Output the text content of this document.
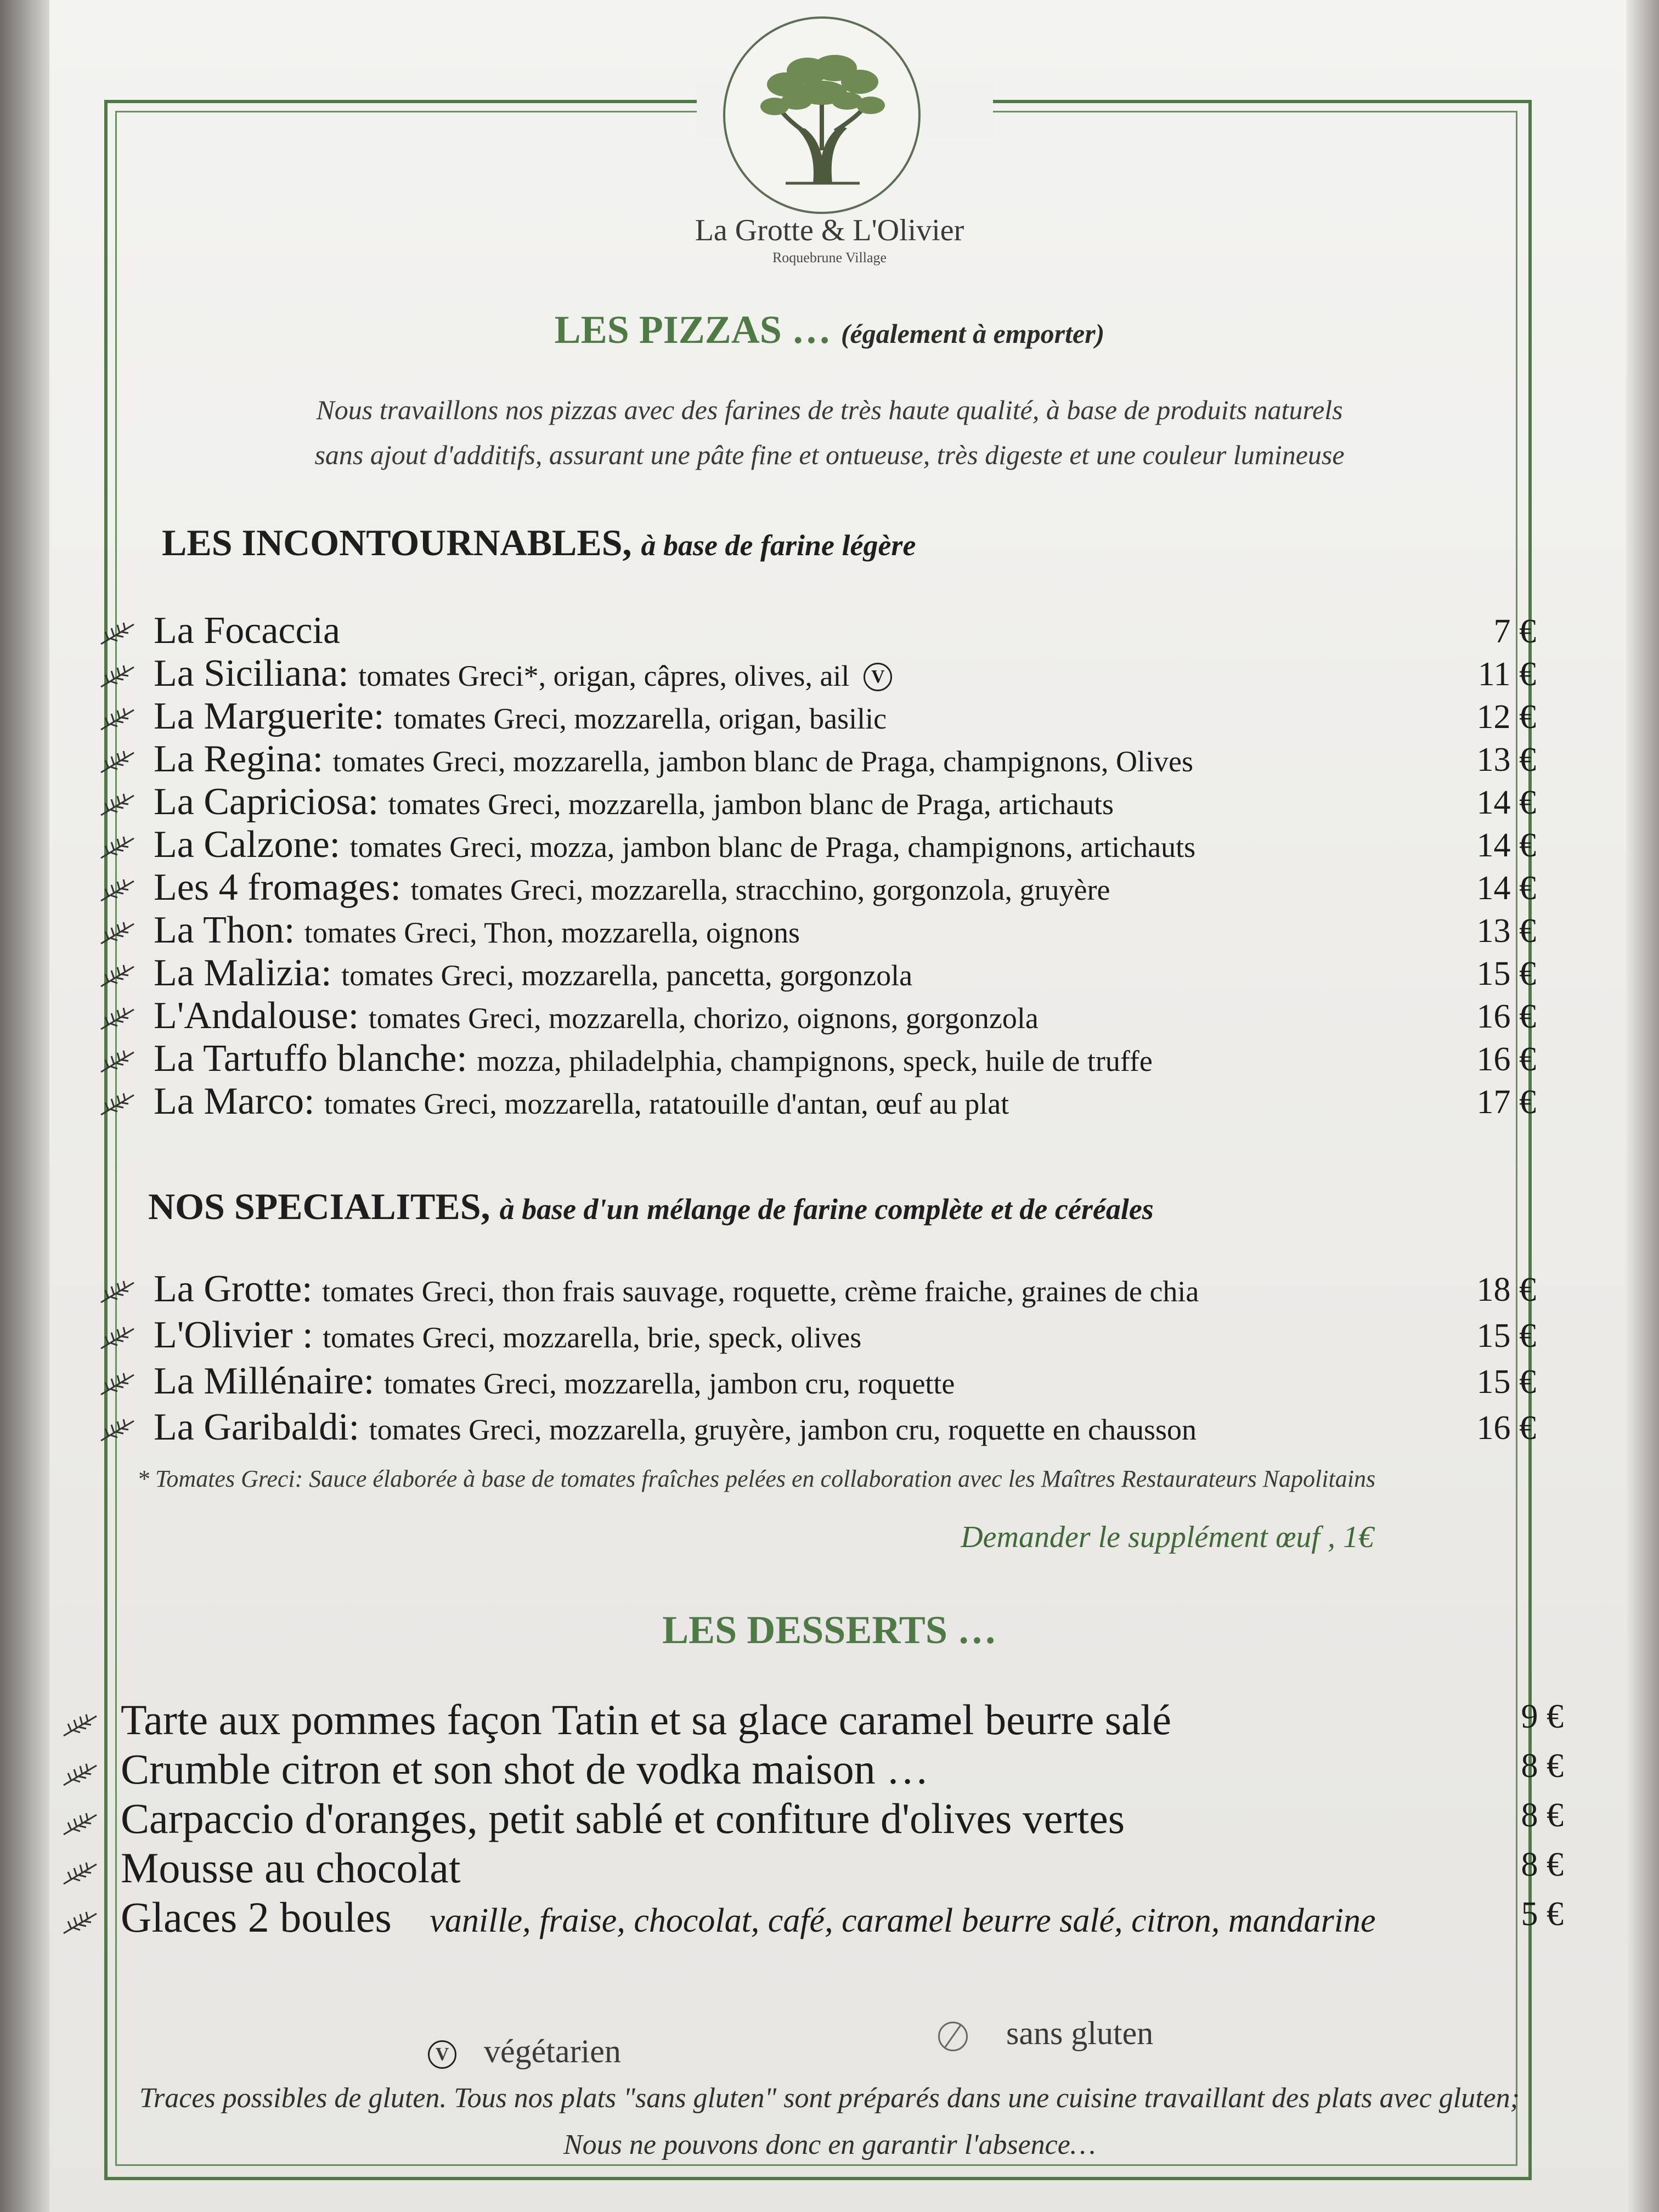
La Grotte & L'Olivier
Roquebrune Village
LES PIZZAS … (également à emporter)
Nous travaillons nos pizzas avec des farines de très haute qualité, à base de produits naturels
sans ajout d'additifs, assurant une pâte fine et ontueuse, très digeste et une couleur lumineuse
LES INCONTOURNABLES, à base de farine légère
La Focaccia	7 €
La Siciliana: tomates Greci*, origan, câpres, olives, ail V	11 €
La Marguerite: tomates Greci, mozzarella, origan, basilic	12 €
La Regina: tomates Greci, mozzarella, jambon blanc de Praga, champignons, Olives	13 €
La Capriciosa: tomates Greci, mozzarella, jambon blanc de Praga, artichauts	14 €
La Calzone: tomates Greci, mozza, jambon blanc de Praga, champignons, artichauts	14 €
Les 4 fromages: tomates Greci, mozzarella, stracchino, gorgonzola, gruyère	14 €
La Thon: tomates Greci, Thon, mozzarella, oignons	13 €
La Malizia: tomates Greci, mozzarella, pancetta, gorgonzola	15 €
L'Andalouse: tomates Greci, mozzarella, chorizo, oignons, gorgonzola	16 €
La Tartuffo blanche: mozza, philadelphia, champignons, speck, huile de truffe	16 €
La Marco: tomates Greci, mozzarella, ratatouille d'antan, œuf au plat	17 €
NOS SPECIALITES, à base d'un mélange de farine complète et de céréales
La Grotte: tomates Greci, thon frais sauvage, roquette, crème fraiche, graines de chia	18 €
L'Olivier : tomates Greci, mozzarella, brie, speck, olives	15 €
La Millénaire: tomates Greci, mozzarella, jambon cru, roquette	15 €
La Garibaldi: tomates Greci, mozzarella, gruyère, jambon cru, roquette en chausson	16 €
* Tomates Greci: Sauce élaborée à base de tomates fraîches pelées en collaboration avec les Maîtres Restaurateurs Napolitains
Demander le supplément œuf , 1€
LES DESSERTS …
Tarte aux pommes façon Tatin et sa glace caramel beurre salé	9 €
Crumble citron et son shot de vodka maison …	8 €
Carpaccio d'oranges, petit sablé et confiture d'olives vertes	8 €
Mousse au chocolat	8 €
Glaces 2 boules vanille, fraise, chocolat, café, caramel beurre salé, citron, mandarine	5 €
V végétarien	sans gluten
Traces possibles de gluten. Tous nos plats "sans gluten" sont préparés dans une cuisine travaillant des plats avec gluten;
Nous ne pouvons donc en garantir l'absence…
